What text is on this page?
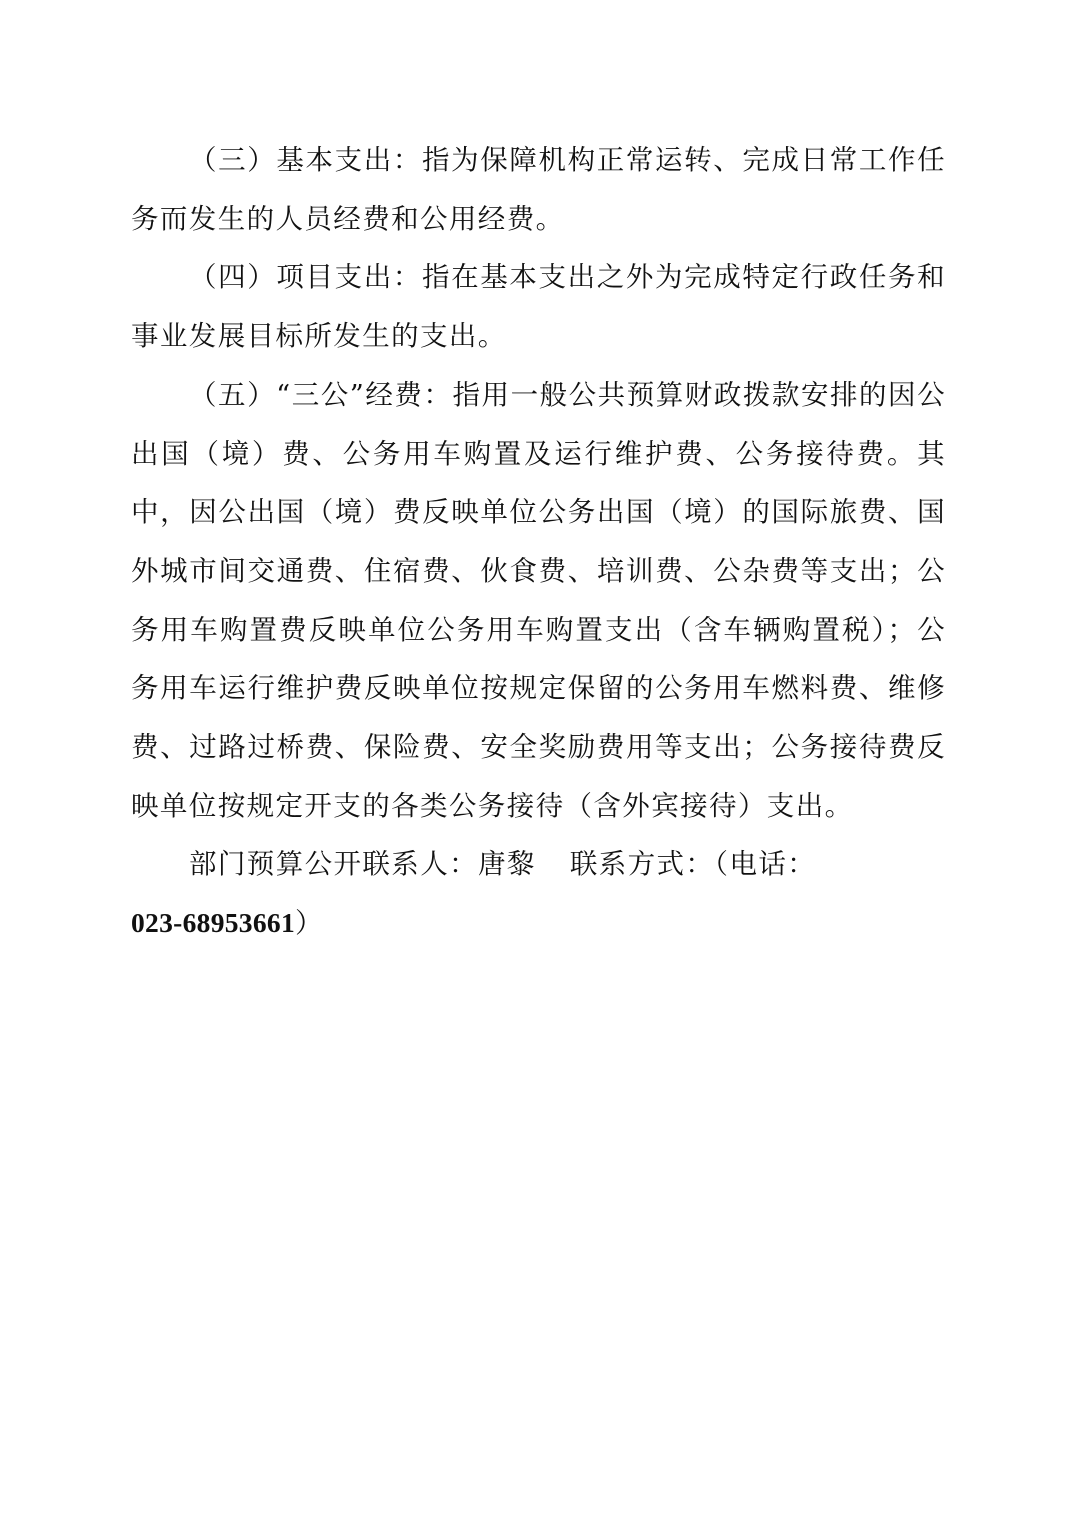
（三）基本支出：指为保障机构正常运转、完成日常工作任务而发生的人员经费和公用经费。

（四）项目支出：指在基本支出之外为完成特定行政任务和事业发展目标所发生的支出。

（五）“三公”经费：指用一般公共预算财政拨款安排的因公出国（境）费、公务用车购置及运行维护费、公务接待费。其中，因公出国（境）费反映单位公务出国（境）的国际旅费、国外城市间交通费、住宿费、伙食费、培训费、公杂费等支出；公务用车购置费反映单位公务用车购置支出（含车辆购置税）；公务用车运行维护费反映单位按规定保留的公务用车燃料费、维修费、过路过桥费、保险费、安全奖励费用等支出；公务接待费反映单位按规定开支的各类公务接待（含外宾接待）支出。

部门预算公开联系人：唐黎 联系方式：（电话：
023-68953661）
